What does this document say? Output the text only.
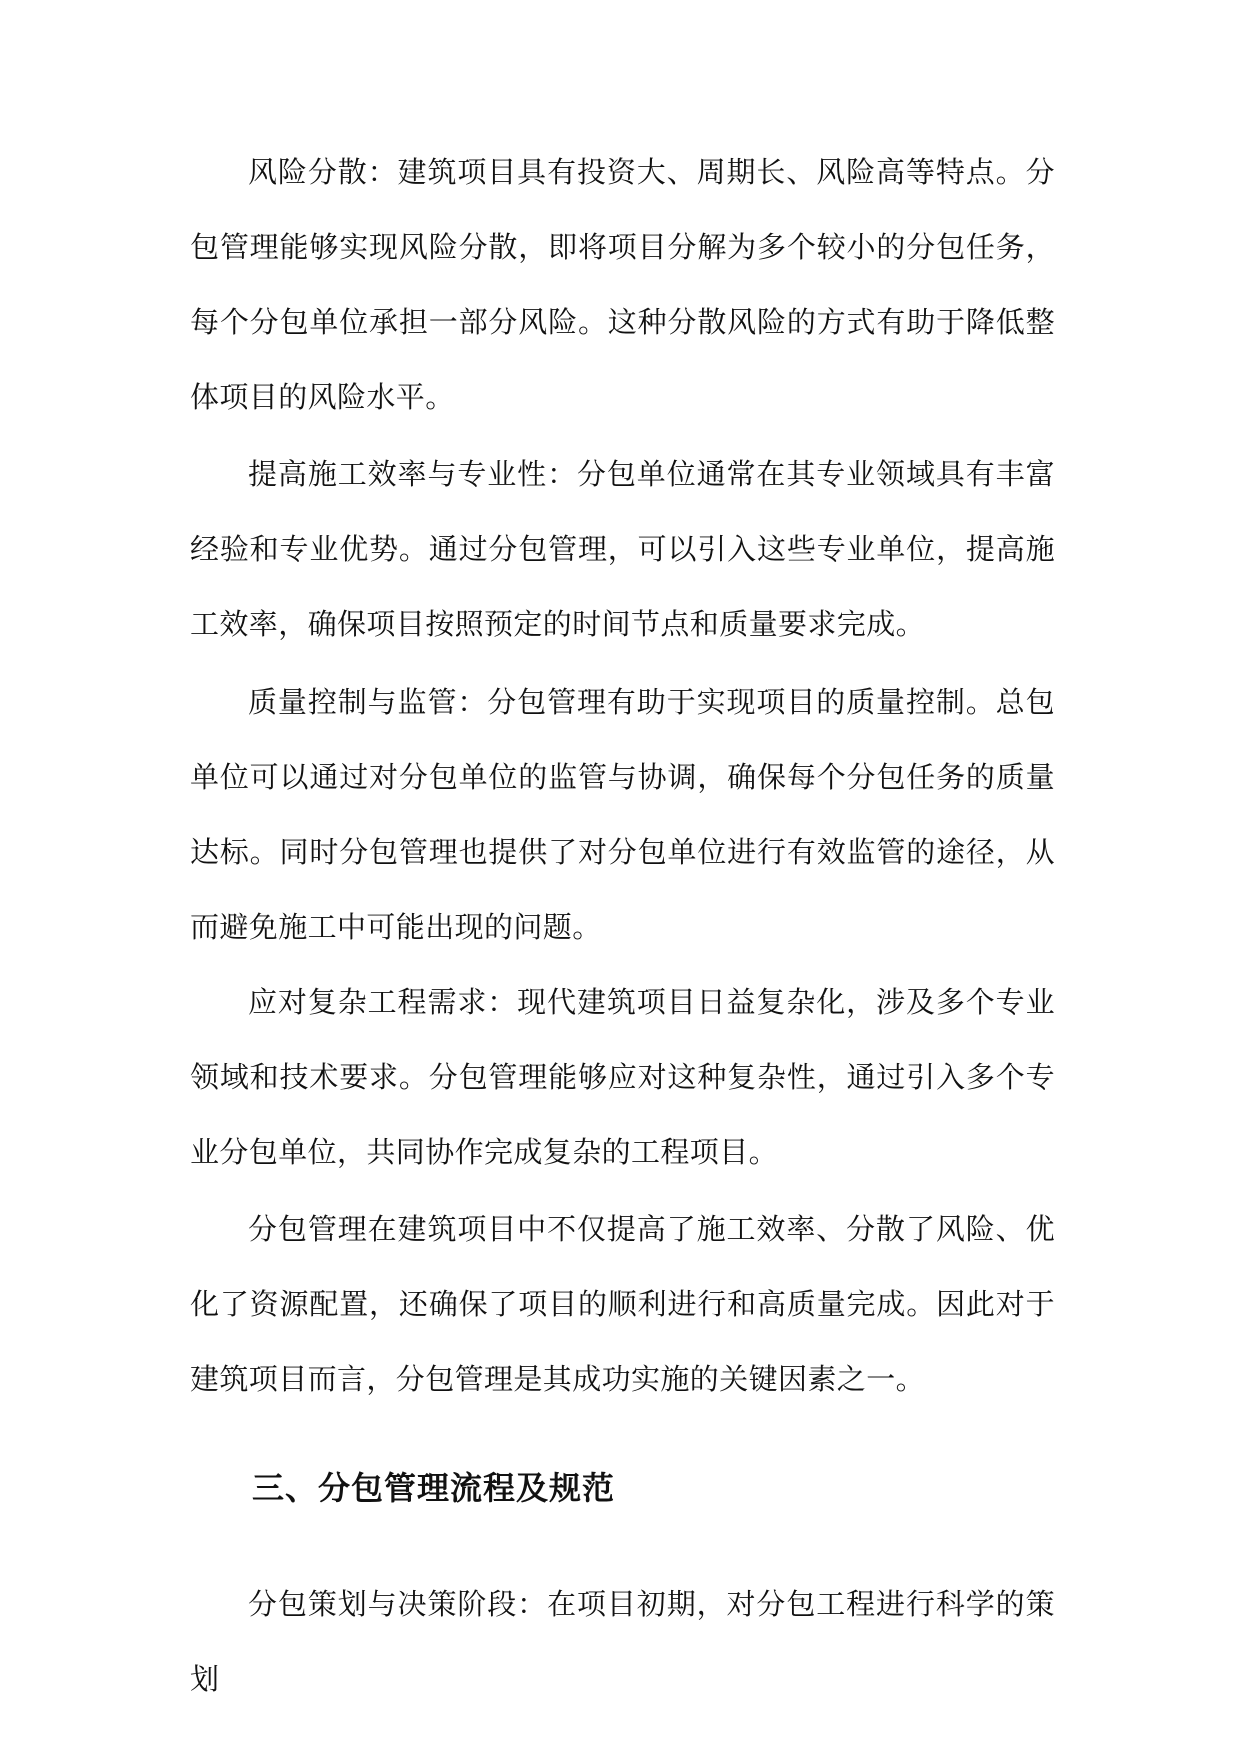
风险分散：建筑项目具有投资大、周期长、风险高等特点。分包管理能够实现风险分散，即将项目分解为多个较小的分包任务，每个分包单位承担一部分风险。这种分散风险的方式有助于降低整体项目的风险水平。

提高施工效率与专业性：分包单位通常在其专业领域具有丰富经验和专业优势。通过分包管理，可以引入这些专业单位，提高施工效率，确保项目按照预定的时间节点和质量要求完成。

质量控制与监管：分包管理有助于实现项目的质量控制。总包单位可以通过对分包单位的监管与协调，确保每个分包任务的质量达标。同时分包管理也提供了对分包单位进行有效监管的途径，从而避免施工中可能出现的问题。

应对复杂工程需求：现代建筑项目日益复杂化，涉及多个专业领域和技术要求。分包管理能够应对这种复杂性，通过引入多个专业分包单位，共同协作完成复杂的工程项目。

分包管理在建筑项目中不仅提高了施工效率、分散了风险、优化了资源配置，还确保了项目的顺利进行和高质量完成。因此对于建筑项目而言，分包管理是其成功实施的关键因素之一。

三、分包管理流程及规范

分包策划与决策阶段：在项目初期，对分包工程进行科学的策划
